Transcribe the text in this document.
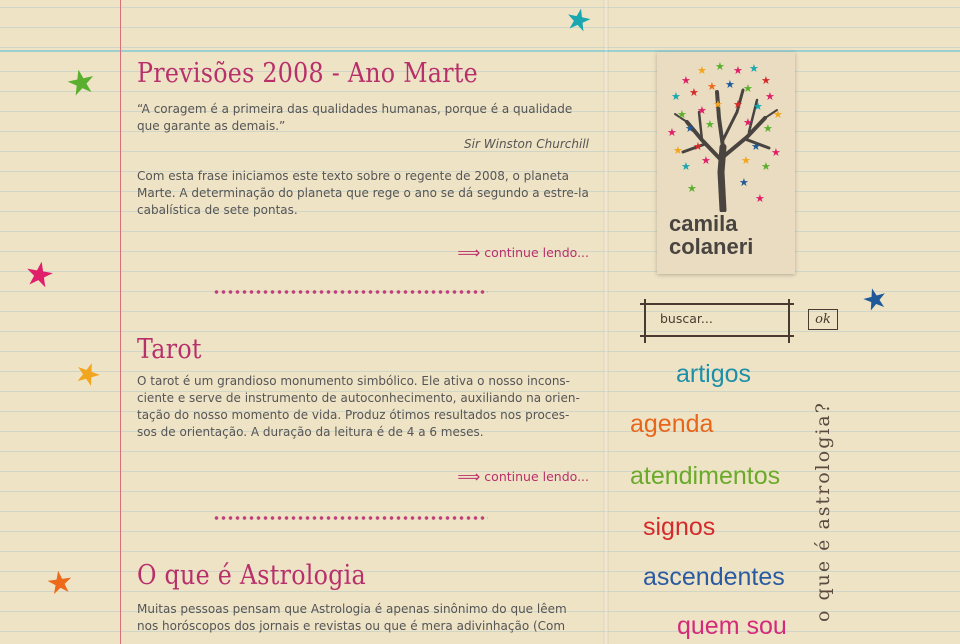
★
★
★
★
★
★
Previsões 2008 - Ano Marte

“A coragem é a primeira das qualidades humanas, porque é a qualidade que garante as demais.”

Sir Winston Churchill

Com esta frase iniciamos este texto sobre o regente de 2008, o planeta Marte. A determinação do planeta que rege o ano se dá segundo a estre-la cabalística de sete pontas.

⟹ continue lendo...
Tarot

O tarot é um grandioso monumento simbólico. Ele ativa o nosso incons-ciente e serve de instrumento de autoconhecimento, auxiliando na orien-tação do nosso momento de vida. Produz ótimos resultados nos proces-sos de orientação. A duração da leitura é de 4 a 6 meses.

⟹ continue lendo...
O que é Astrologia

Muitas pessoas pensam que Astrologia é apenas sinônimo do que lêem nos horóscopos dos jornais e revistas ou que é mera adivinhação (Com

★
★ ★ ★ ★
★
★ ★ ★ ★ ★
★
★ ★ ★ ★ ★
★
★ ★ ★	★ ★
★ ★	★ ★
★ ★	★ ★
★	★
★
camila
colaneri
buscar...
ok
artigos
agenda
atendimentos
signos
ascendentes
quem sou
o que é astrologia?
